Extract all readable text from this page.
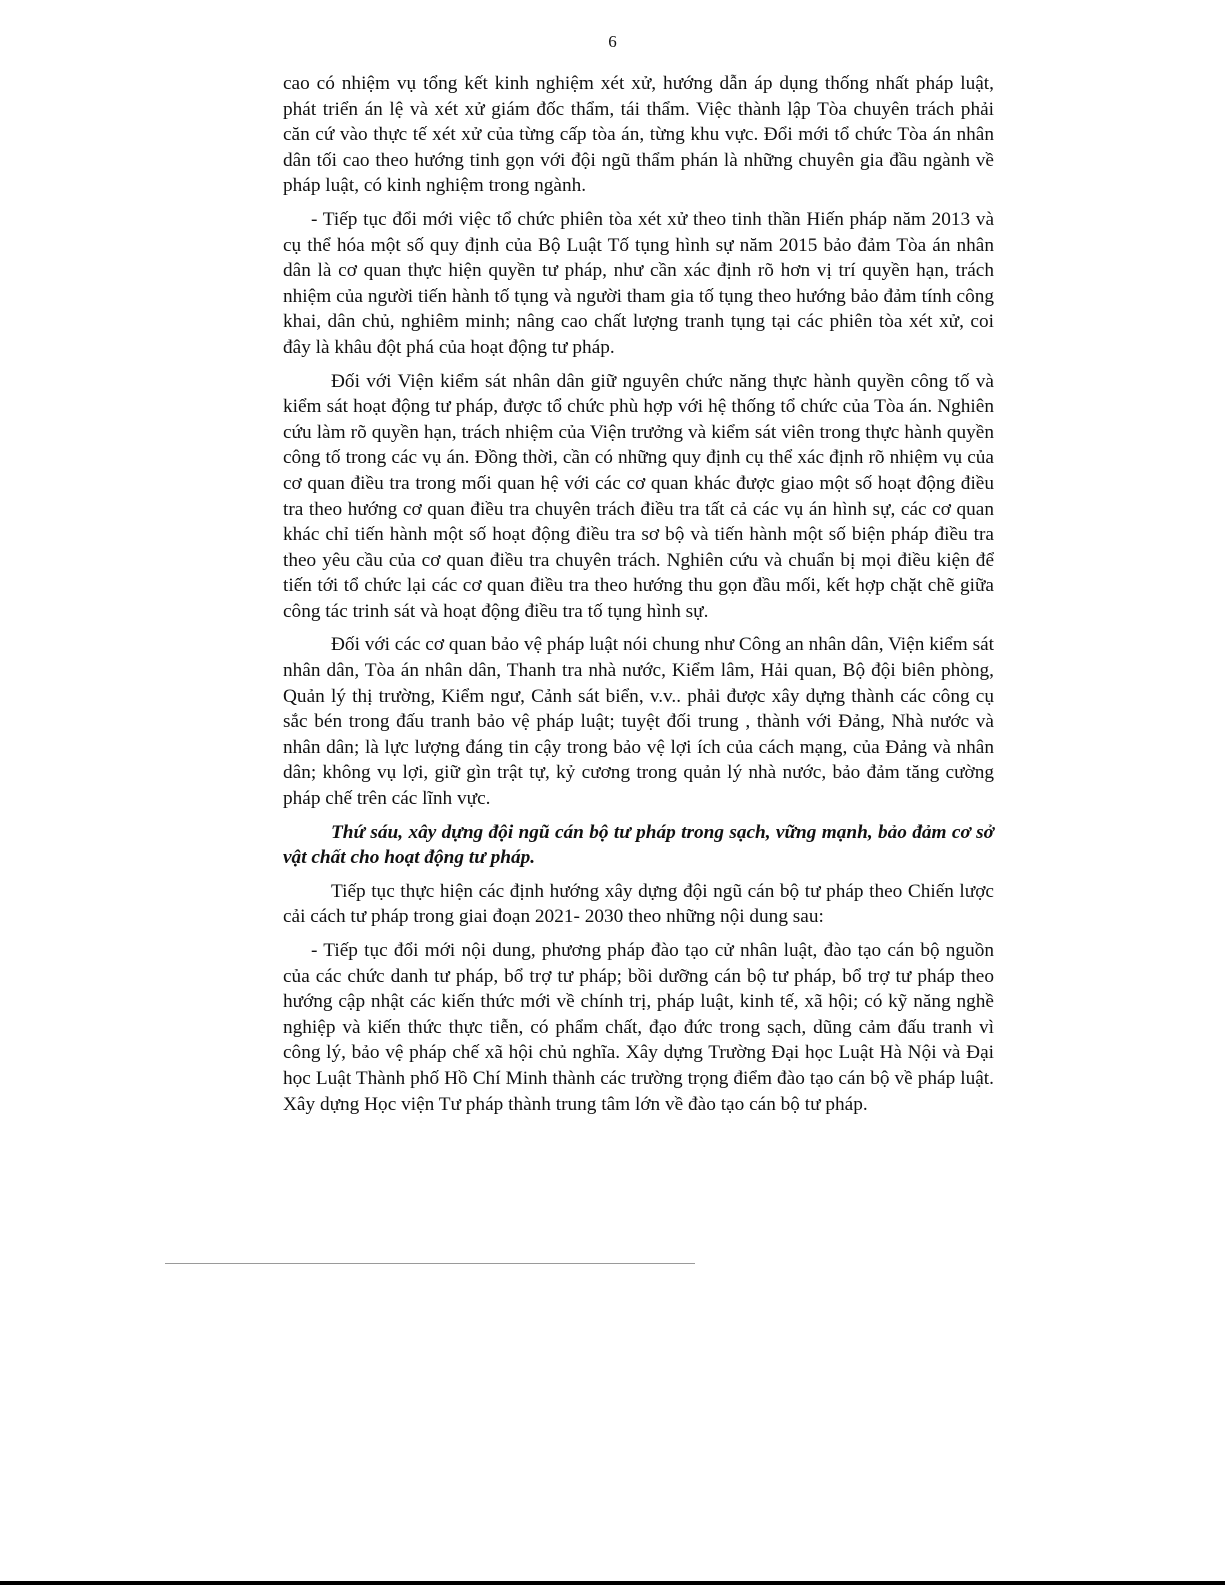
6

cao có nhiệm vụ tổng kết kinh nghiệm xét xử, hướng dẫn áp dụng thống nhất pháp luật, phát triển án lệ và xét xử giám đốc thẩm, tái thẩm. Việc thành lập Tòa chuyên trách phải căn cứ vào thực tế xét xử của từng cấp tòa án, từng khu vực. Đổi mới tổ chức Tòa án nhân dân tối cao theo hướng tinh gọn với đội ngũ thẩm phán là những chuyên gia đầu ngành về pháp luật, có kinh nghiệm trong ngành.

- Tiếp tục đổi mới việc tổ chức phiên tòa xét xử theo tinh thần Hiến pháp năm 2013 và cụ thể hóa một số quy định của Bộ Luật Tố tụng hình sự năm 2015 bảo đảm Tòa án nhân dân là cơ quan thực hiện quyền tư pháp, như cần xác định rõ hơn vị trí quyền hạn, trách nhiệm của người tiến hành tố tụng và người tham gia tố tụng theo hướng bảo đảm tính công khai, dân chủ, nghiêm minh; nâng cao chất lượng tranh tụng tại các phiên tòa xét xử, coi đây là khâu đột phá của hoạt động tư pháp.

Đối với Viện kiểm sát nhân dân giữ nguyên chức năng thực hành quyền công tố và kiểm sát hoạt động tư pháp, được tổ chức phù hợp với hệ thống tổ chức của Tòa án. Nghiên cứu làm rõ quyền hạn, trách nhiệm của Viện trưởng và kiểm sát viên trong thực hành quyền công tố trong các vụ án. Đồng thời, cần có những quy định cụ thể xác định rõ nhiệm vụ của cơ quan điều tra trong mối quan hệ với các cơ quan khác được giao một số hoạt động điều tra theo hướng cơ quan điều tra chuyên trách điều tra tất cả các vụ án hình sự, các cơ quan khác chỉ tiến hành một số hoạt động điều tra sơ bộ và tiến hành một số biện pháp điều tra theo yêu cầu của cơ quan điều tra chuyên trách. Nghiên cứu và chuẩn bị mọi điều kiện để tiến tới tổ chức lại các cơ quan điều tra theo hướng thu gọn đầu mối, kết hợp chặt chẽ giữa công tác trinh sát và hoạt động điều tra tố tụng hình sự.

Đối với các cơ quan bảo vệ pháp luật nói chung như Công an nhân dân, Viện kiểm sát nhân dân, Tòa án nhân dân, Thanh tra nhà nước, Kiểm lâm, Hải quan, Bộ đội biên phòng, Quản lý thị trường, Kiểm ngư, Cảnh sát biển, v.v.. phải được xây dựng thành các công cụ sắc bén trong đấu tranh bảo vệ pháp luật; tuyệt đối trung , thành với Đảng, Nhà nước và nhân dân; là lực lượng đáng tin cậy trong bảo vệ lợi ích của cách mạng, của Đảng và nhân dân; không vụ lợi, giữ gìn trật tự, kỷ cương trong quản lý nhà nước, bảo đảm tăng cường pháp chế trên các lĩnh vực.

Thứ sáu, xây dựng đội ngũ cán bộ tư pháp trong sạch, vững mạnh, bảo đảm cơ sở vật chất cho hoạt động tư pháp.

Tiếp tục thực hiện các định hướng xây dựng đội ngũ cán bộ tư pháp theo Chiến lược cải cách tư pháp trong giai đoạn 2021- 2030 theo những nội dung sau:

- Tiếp tục đổi mới nội dung, phương pháp đào tạo cử nhân luật, đào tạo cán bộ nguồn của các chức danh tư pháp, bổ trợ tư pháp; bồi dưỡng cán bộ tư pháp, bổ trợ tư pháp theo hướng cập nhật các kiến thức mới về chính trị, pháp luật, kinh tế, xã hội; có kỹ năng nghề nghiệp và kiến thức thực tiễn, có phẩm chất, đạo đức trong sạch, dũng cảm đấu tranh vì công lý, bảo vệ pháp chế xã hội chủ nghĩa. Xây dựng Trường Đại học Luật Hà Nội và Đại học Luật Thành phố Hồ Chí Minh thành các trường trọng điểm đào tạo cán bộ về pháp luật. Xây dựng Học viện Tư pháp thành trung tâm lớn về đào tạo cán bộ tư pháp.
